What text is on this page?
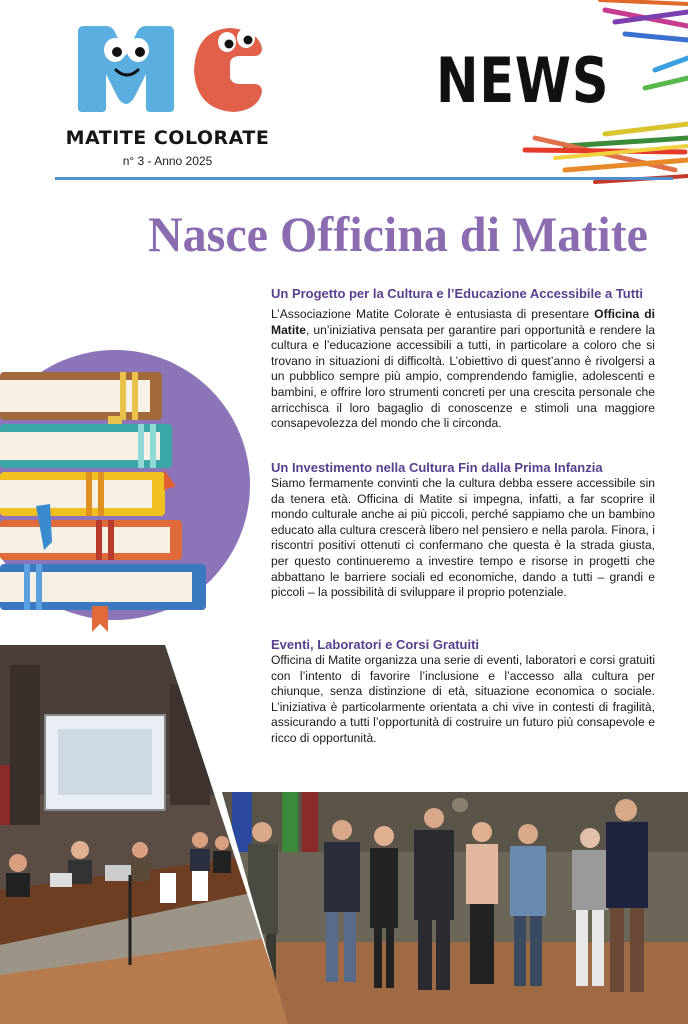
MATITE COLORATE
n° 3 - Anno 2025
NEWS
Nasce Officina di Matite
Un Progetto per la Cultura e l’Educazione Accessibile a Tutti

L’Associazione Matite Colorate è entusiasta di presentare Officina di Matite, un’iniziativa pensata per garantire pari opportunità e rendere la cultura e l’educazione accessibili a tutti, in particolare a coloro che si trovano in situazioni di difficoltà. L’obiettivo di quest’anno è rivolgersi a un pubblico sempre più ampio, comprendendo famiglie, adolescenti e bambini, e offrire loro strumenti concreti per una crescita personale che arricchisca il loro bagaglio di conoscenze e stimoli una maggiore consapevolezza del mondo che li circonda.

Un Investimento nella Cultura Fin dalla Prima Infanzia

Siamo fermamente convinti che la cultura debba essere accessibile sin da tenera età. Officina di Matite si impegna, infatti, a far scoprire il mondo culturale anche ai più piccoli, perché sappiamo che un bambino educato alla cultura crescerà libero nel pensiero e nella parola. Finora, i riscontri positivi ottenuti ci confermano che questa è la strada giusta, per questo continueremo a investire tempo e risorse in progetti che abbattano le barriere sociali ed economiche, dando a tutti – grandi e piccoli – la possibilità di sviluppare il proprio potenziale.

Eventi, Laboratori e Corsi Gratuiti

Officina di Matite organizza una serie di eventi, laboratori e corsi gratuiti con l’intento di favorire l’inclusione e l’accesso alla cultura per chiunque, senza distinzione di età, situazione economica o sociale. L’iniziativa è particolarmente orientata a chi vive in contesti di fragilità, assicurando a tutti l’opportunità di costruire un futuro più consapevole e ricco di opportunità.
